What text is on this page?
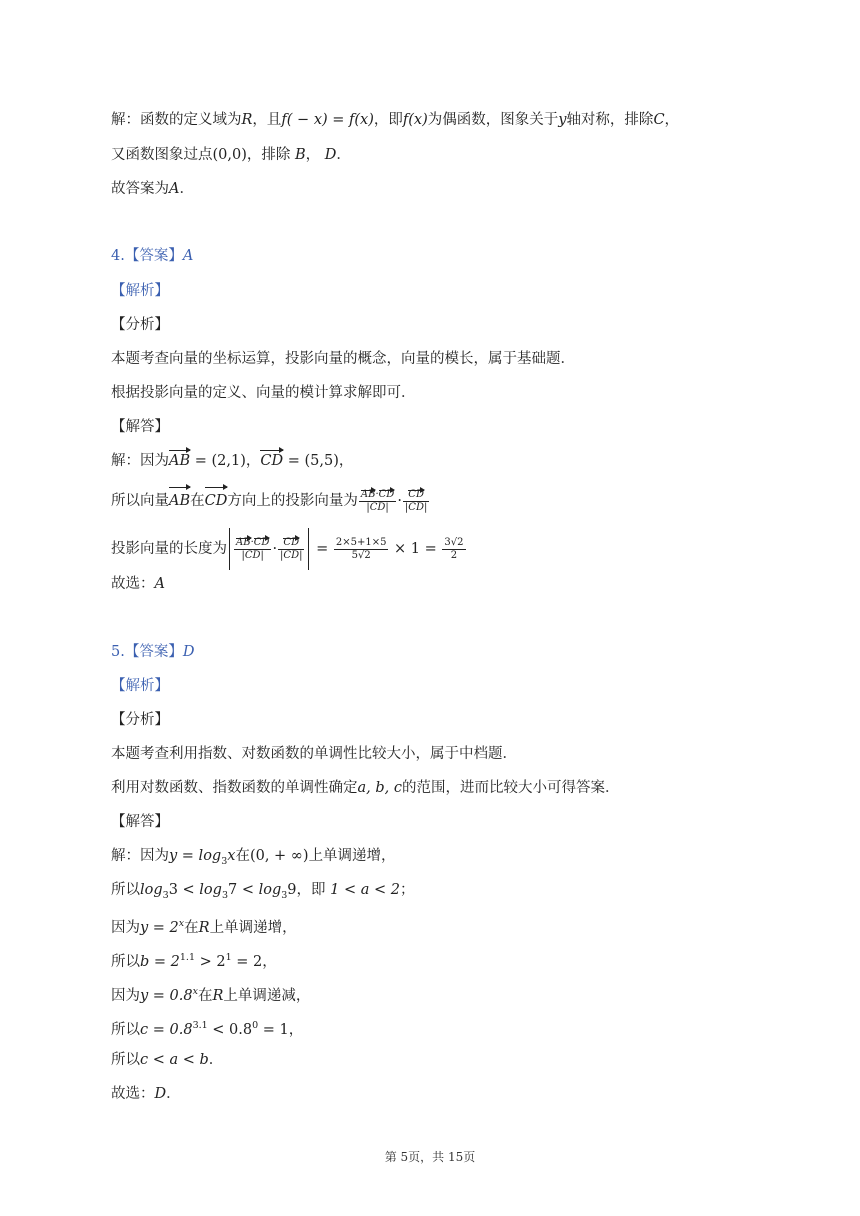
解：函数的定义域为R，且f( − x) = f(x)，即f(x)为偶函数，图象关于y轴对称，排除C，
又函数图象过点(0,0)，排除 B， D．
故答案为A．
4.【答案】A
【解析】
【分析】
本题考查向量的坐标运算，投影向量的概念，向量的模长，属于基础题．
根据投影向量的定义、向量的模计算求解即可．
【解答】
解：因为AB = (2,1)，CD = (5,5)，
所以向量AB在CD方向上的投影向量为 $\frac{AB\cdot CD}{|CD|} \cdot \frac{CD}{|CD|}$
投影向量的长度为 $\frac{AB\cdot CD}{|CD|} \cdot \frac{CD}{|CD|} = \frac{2\times 5+1\times 5}{5√2} \times 1 = \frac{3√2}{2}$
故选：A
5.【答案】D
【解析】
【分析】
本题考查利用指数、对数函数的单调性比较大小，属于中档题．
利用对数函数、指数函数的单调性确定a, b, c的范围，进而比较大小可得答案．
【解答】
解：因为$y = \log_3x$在(0, + ∞)上单调递增，
所以$\log_33 < \log_37 < \log_39$，即 1 < a < 2；
因为$y = 2^x$在R上单调递增，
所以$b = 2^{1.1} > 2^1 = 2$，
因为$y = 0.8^x$在R上单调递减，
所以$c = 0.8^{3.1} < 0.8^0 = 1$，
所以c < a < b．
故选：D．
第 5页，共 15页
